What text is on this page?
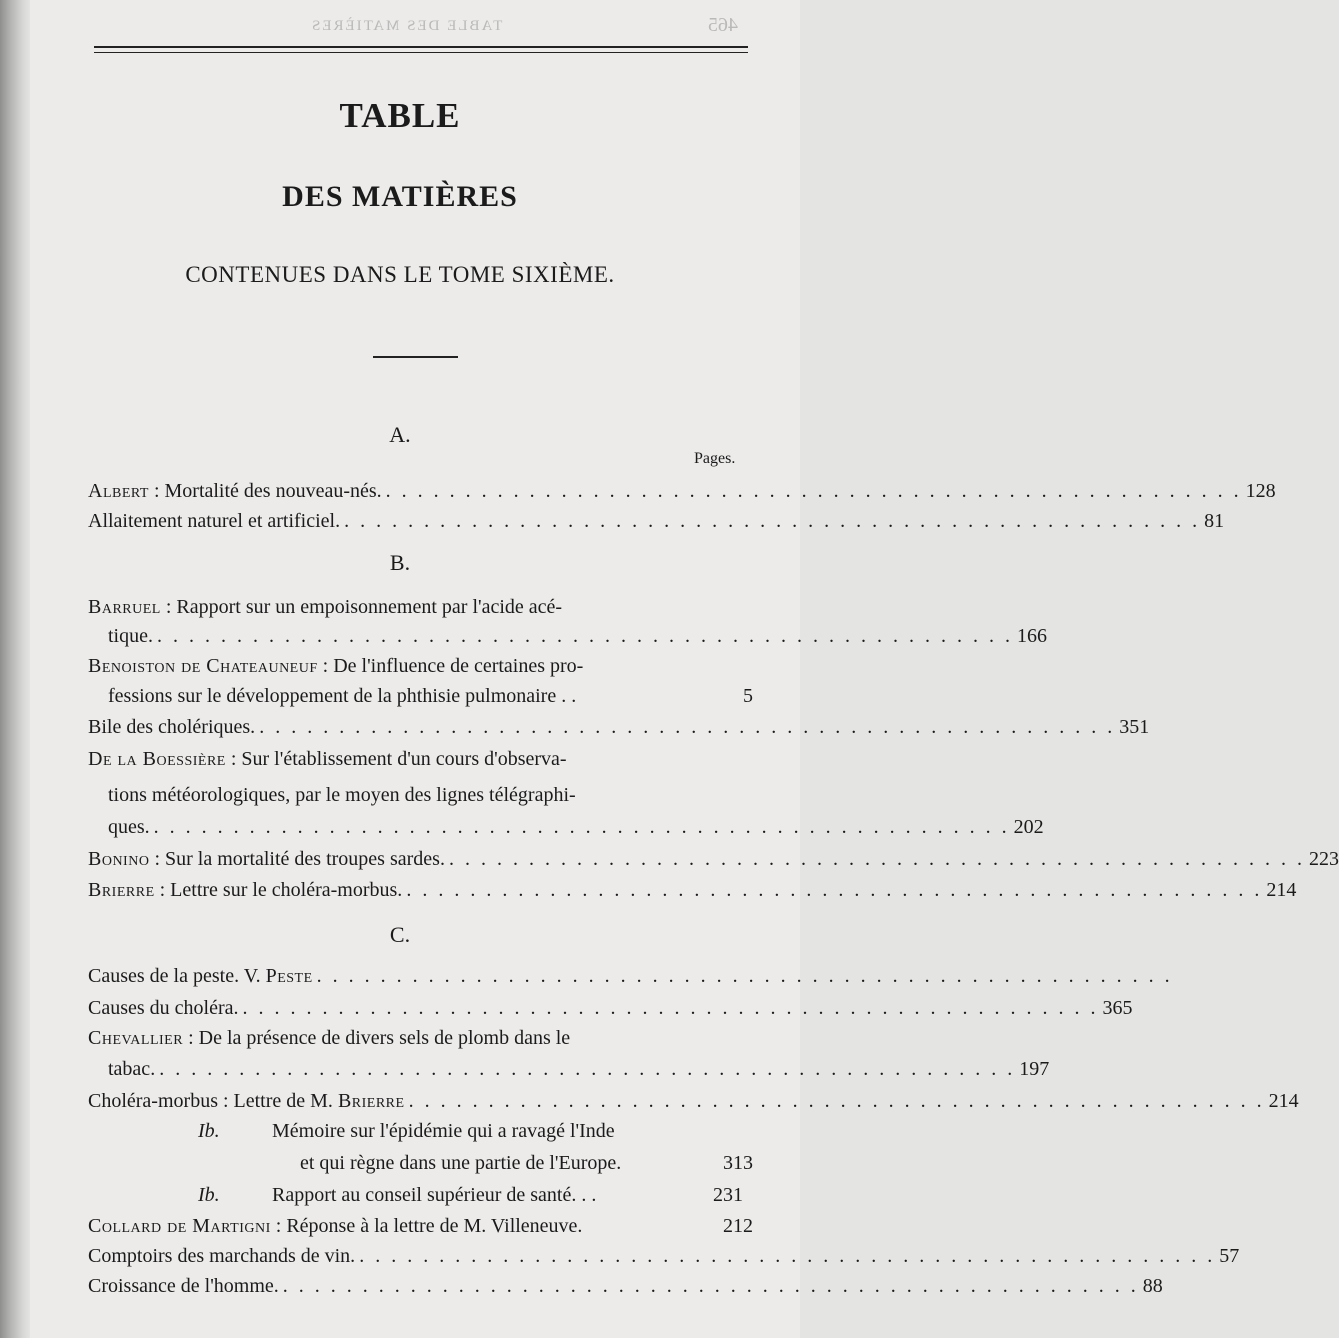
TABLE DES MATIÈRES	465
TABLE
DES MATIÈRES
CONTENUES DANS LE TOME SIXIÈME.
A.
Pages.
Albert : Mortalité des nouveau-nés. . . . . . . . . . . . . . . . . . . . . . . . . . . . . . . . . . . . . . . . . . . . . . . . . . . . . . . 128
Allaitement naturel et artificiel. . . . . . . . . . . . . . . . . . . . . . . . . . . . . . . . . . . . . . . . . . . . . . . . . . . . . . . 81
B.
Barruel : Rapport sur un empoisonnement par l'acide acé-
tique. . . . . . . . . . . . . . . . . . . . . . . . . . . . . . . . . . . . . . . . . . . . . . . . . . . . . . . 166
Benoiston de Chateauneuf : De l'influence de certaines pro-
fessions sur le développement de la phthisie pulmonaire . .	5
Bile des cholériques. . . . . . . . . . . . . . . . . . . . . . . . . . . . . . . . . . . . . . . . . . . . . . . . . . . . . . . 351
De la Boessière : Sur l'établissement d'un cours d'observa-
tions météorologiques, par le moyen des lignes télégraphi-
ques. . . . . . . . . . . . . . . . . . . . . . . . . . . . . . . . . . . . . . . . . . . . . . . . . . . . . . . 202
Bonino : Sur la mortalité des troupes sardes. . . . . . . . . . . . . . . . . . . . . . . . . . . . . . . . . . . . . . . . . . . . . . . . . . . . . . . 223
Brierre : Lettre sur le choléra-morbus. . . . . . . . . . . . . . . . . . . . . . . . . . . . . . . . . . . . . . . . . . . . . . . . . . . . . . . 214
C.
Causes de la peste. V. Peste . . . . . . . . . . . . . . . . . . . . . . . . . . . . . . . . . . . . . . . . . . . . . . . . . . . . . .
Causes du choléra. . . . . . . . . . . . . . . . . . . . . . . . . . . . . . . . . . . . . . . . . . . . . . . . . . . . . . . 365
Chevallier : De la présence de divers sels de plomb dans le
tabac. . . . . . . . . . . . . . . . . . . . . . . . . . . . . . . . . . . . . . . . . . . . . . . . . . . . . . . 197
Choléra-morbus : Lettre de M. Brierre . . . . . . . . . . . . . . . . . . . . . . . . . . . . . . . . . . . . . . . . . . . . . . . . . . . . . . 214
Ib.	Mémoire sur l'épidémie qui a ravagé l'Inde
et qui règne dans une partie de l'Europe.	313
Ib.	Rapport au conseil supérieur de santé. . .	231
Collard de Martigni : Réponse à la lettre de M. Villeneuve.	212
Comptoirs des marchands de vin. . . . . . . . . . . . . . . . . . . . . . . . . . . . . . . . . . . . . . . . . . . . . . . . . . . . . . . 57
Croissance de l'homme. . . . . . . . . . . . . . . . . . . . . . . . . . . . . . . . . . . . . . . . . . . . . . . . . . . . . . . 88
